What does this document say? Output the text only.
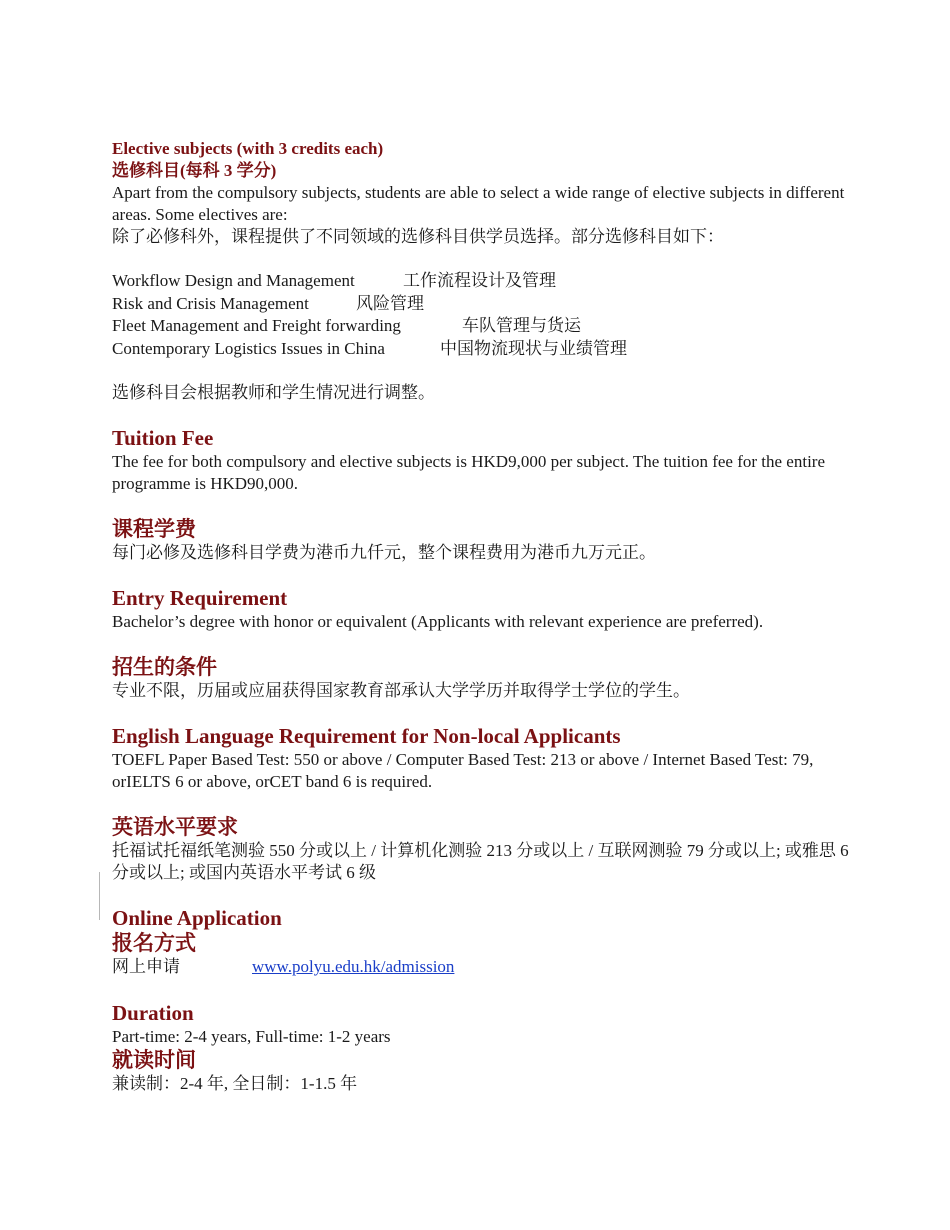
Elective subjects (with 3 credits each)
选修科目(每科 3 学分)
Apart from the compulsory subjects, students are able to select a wide range of elective subjects in different areas. Some electives are:
除了必修科外，课程提供了不同领域的选修科目供学员选择。部分选修科目如下：
Workflow Design and Management	工作流程设计及管理
Risk and Crisis Management	风险管理
Fleet Management and Freight forwarding	车队管理与货运
Contemporary Logistics Issues in China	中国物流现状与业绩管理
选修科目会根据教师和学生情况进行调整。
Tuition Fee
The fee for both compulsory and elective subjects is HKD9,000 per subject. The tuition fee for the entire programme is HKD90,000.
课程学费
每门必修及选修科目学费为港币九仟元，整个课程费用为港币九万元正。
Entry Requirement
Bachelor’s degree with honor or equivalent (Applicants with relevant experience are preferred).
招生的条件
专业不限，历届或应届获得国家教育部承认大学学历并取得学士学位的学生。
English Language Requirement for Non-local Applicants
TOEFL Paper Based Test: 550 or above / Computer Based Test: 213 or above / Internet Based Test: 79, orIELTS 6 or above, orCET band 6 is required.
英语水平要求
托福试托福纸笔测验 550 分或以上 / 计算机化测验 213 分或以上 / 互联网测验 79 分或以上; 或雅思 6 分或以上; 或国内英语水平考试 6 级
Online Application
报名方式
网上申请	www.polyu.edu.hk/admission
Duration
Part-time: 2-4 years, Full-time: 1-2 years
就读时间
兼读制：2-4 年, 全日制：1-1.5 年
